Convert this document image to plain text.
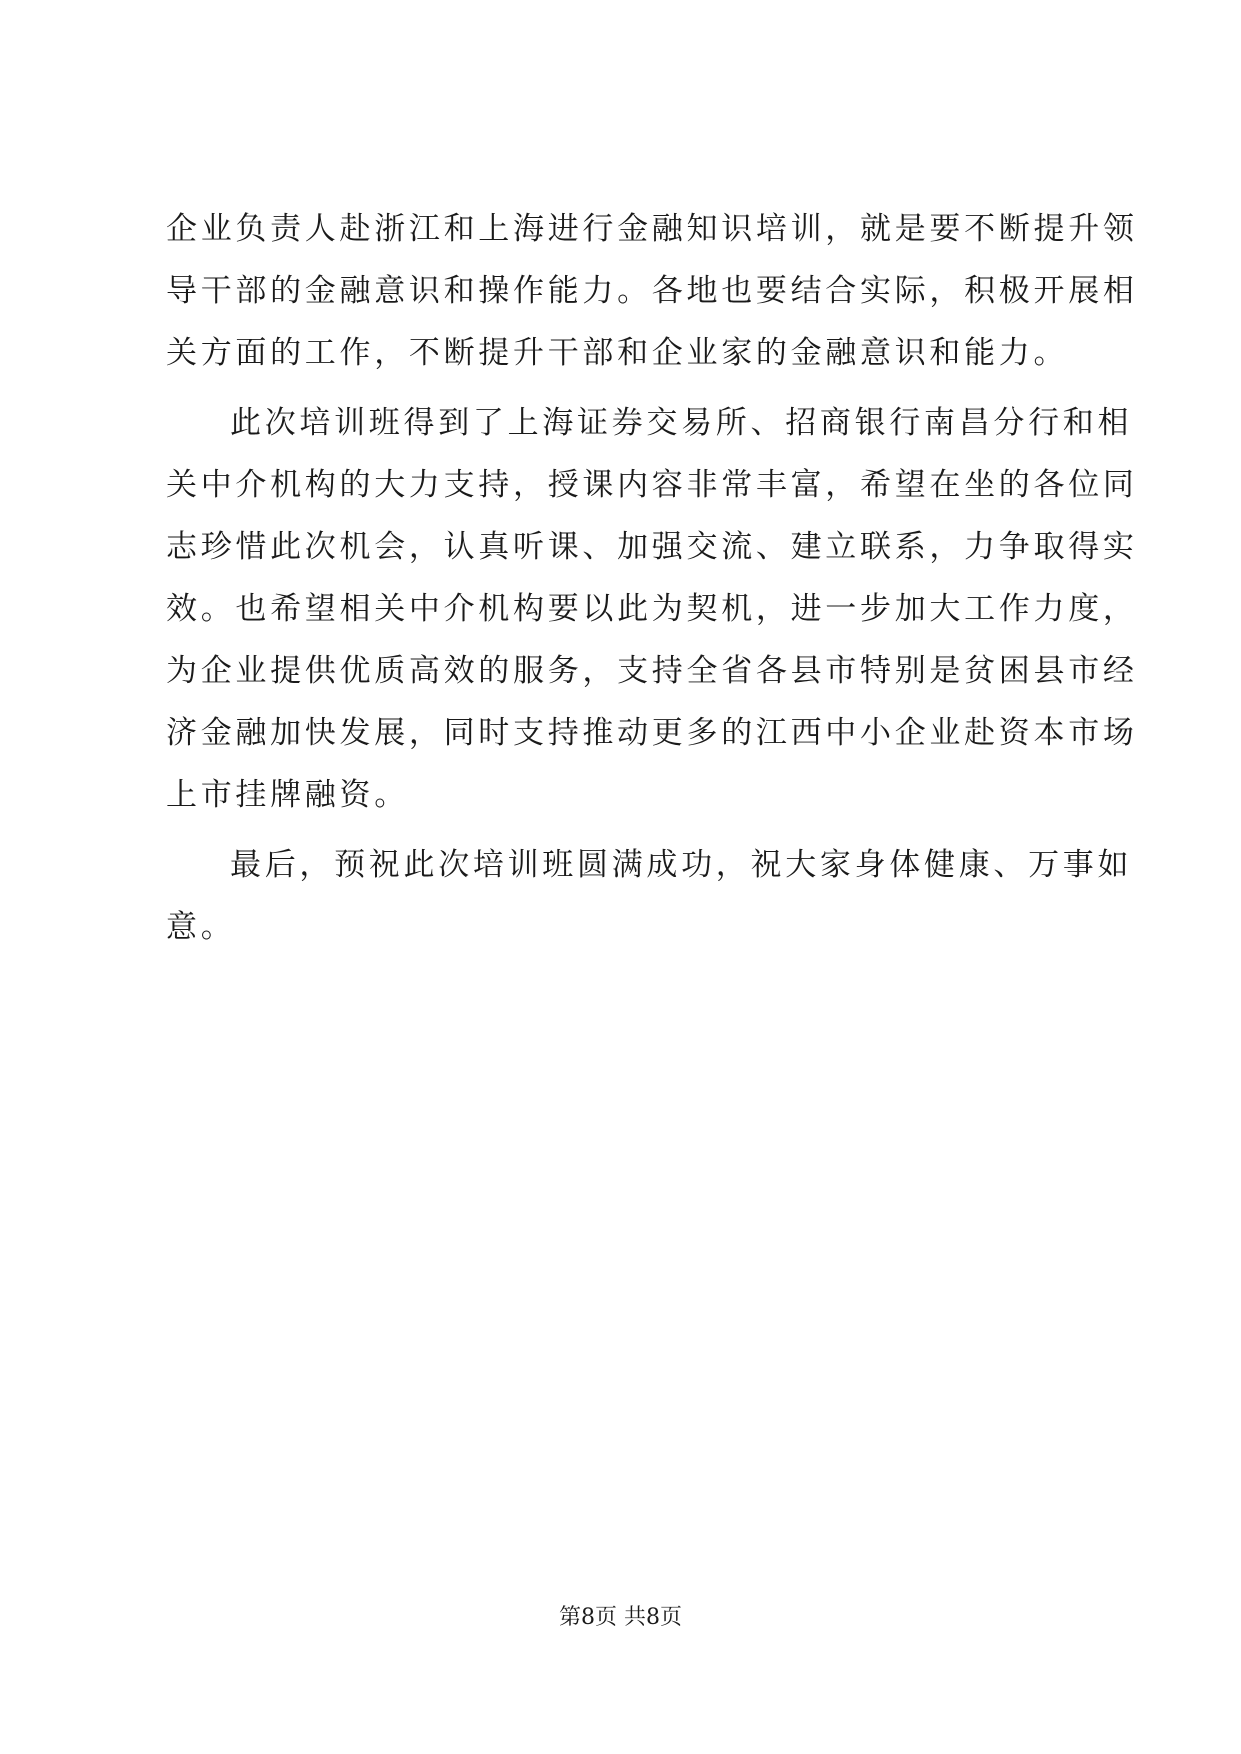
企业负责人赴浙江和上海进行金融知识培训，就是要不断提升领
导干部的金融意识和操作能力。各地也要结合实际，积极开展相
关方面的工作，不断提升干部和企业家的金融意识和能力。
此次培训班得到了上海证券交易所、招商银行南昌分行和相
关中介机构的大力支持，授课内容非常丰富，希望在坐的各位同
志珍惜此次机会，认真听课、加强交流、建立联系，力争取得实
效。也希望相关中介机构要以此为契机，进一步加大工作力度，
为企业提供优质高效的服务，支持全省各县市特别是贫困县市经
济金融加快发展，同时支持推动更多的江西中小企业赴资本市场
上市挂牌融资。
最后，预祝此次培训班圆满成功，祝大家身体健康、万事如
意。
第8页 共8页
